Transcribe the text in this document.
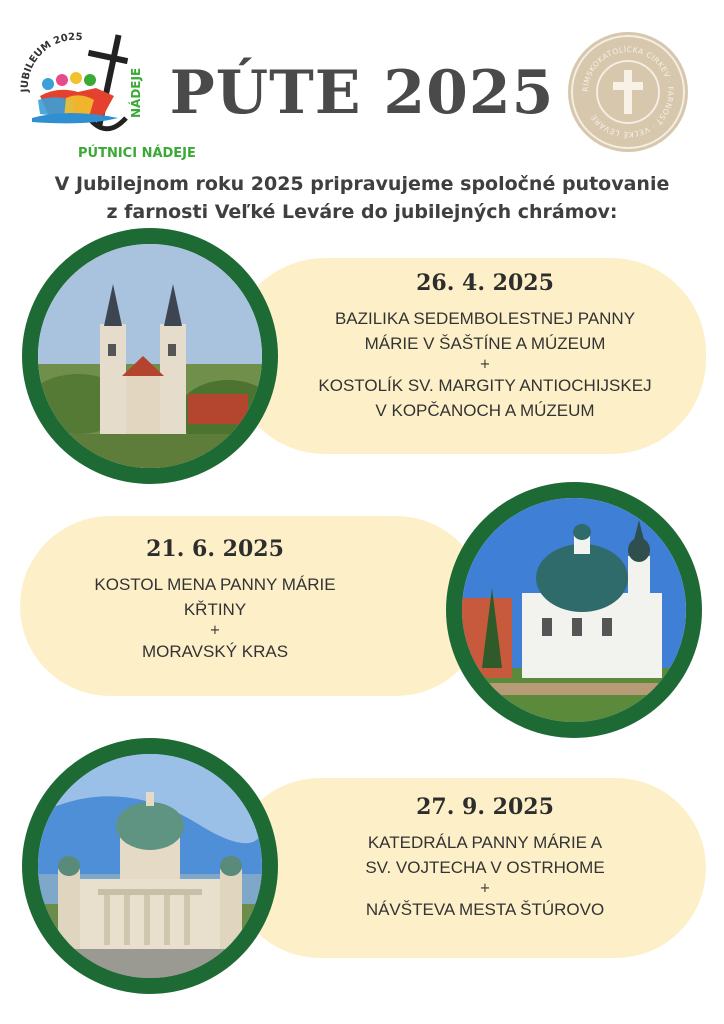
JUBILEUM 2025
NÁDEJE
PÚTNICI NÁDEJE
PÚTE 2025	RÍMSKOKATOLÍCKA CIRKEV · FARNOSŤ · VEĽKÉ LEVÁRE
V Jubilejnom roku 2025 pripravujeme spoločné putovanie
z farnosti Veľké Leváre do jubilejných chrámov:
26. 4. 2025
BAZILIKA SEDEMBOLESTNEJ PANNY
MÁRIE V ŠAŠTÍNE A MÚZEUM
+
KOSTOLÍK SV. MARGITY ANTIOCHIJSKEJ
V KOPČANOCH A MÚZEUM
21. 6. 2025
KOSTOL MENA PANNY MÁRIE
KŘTINY
+
MORAVSKÝ KRAS
27. 9. 2025
KATEDRÁLA PANNY MÁRIE A
SV. VOJTECHA V OSTRHOME
+
NÁVŠTEVA MESTA ŠTÚROVO
